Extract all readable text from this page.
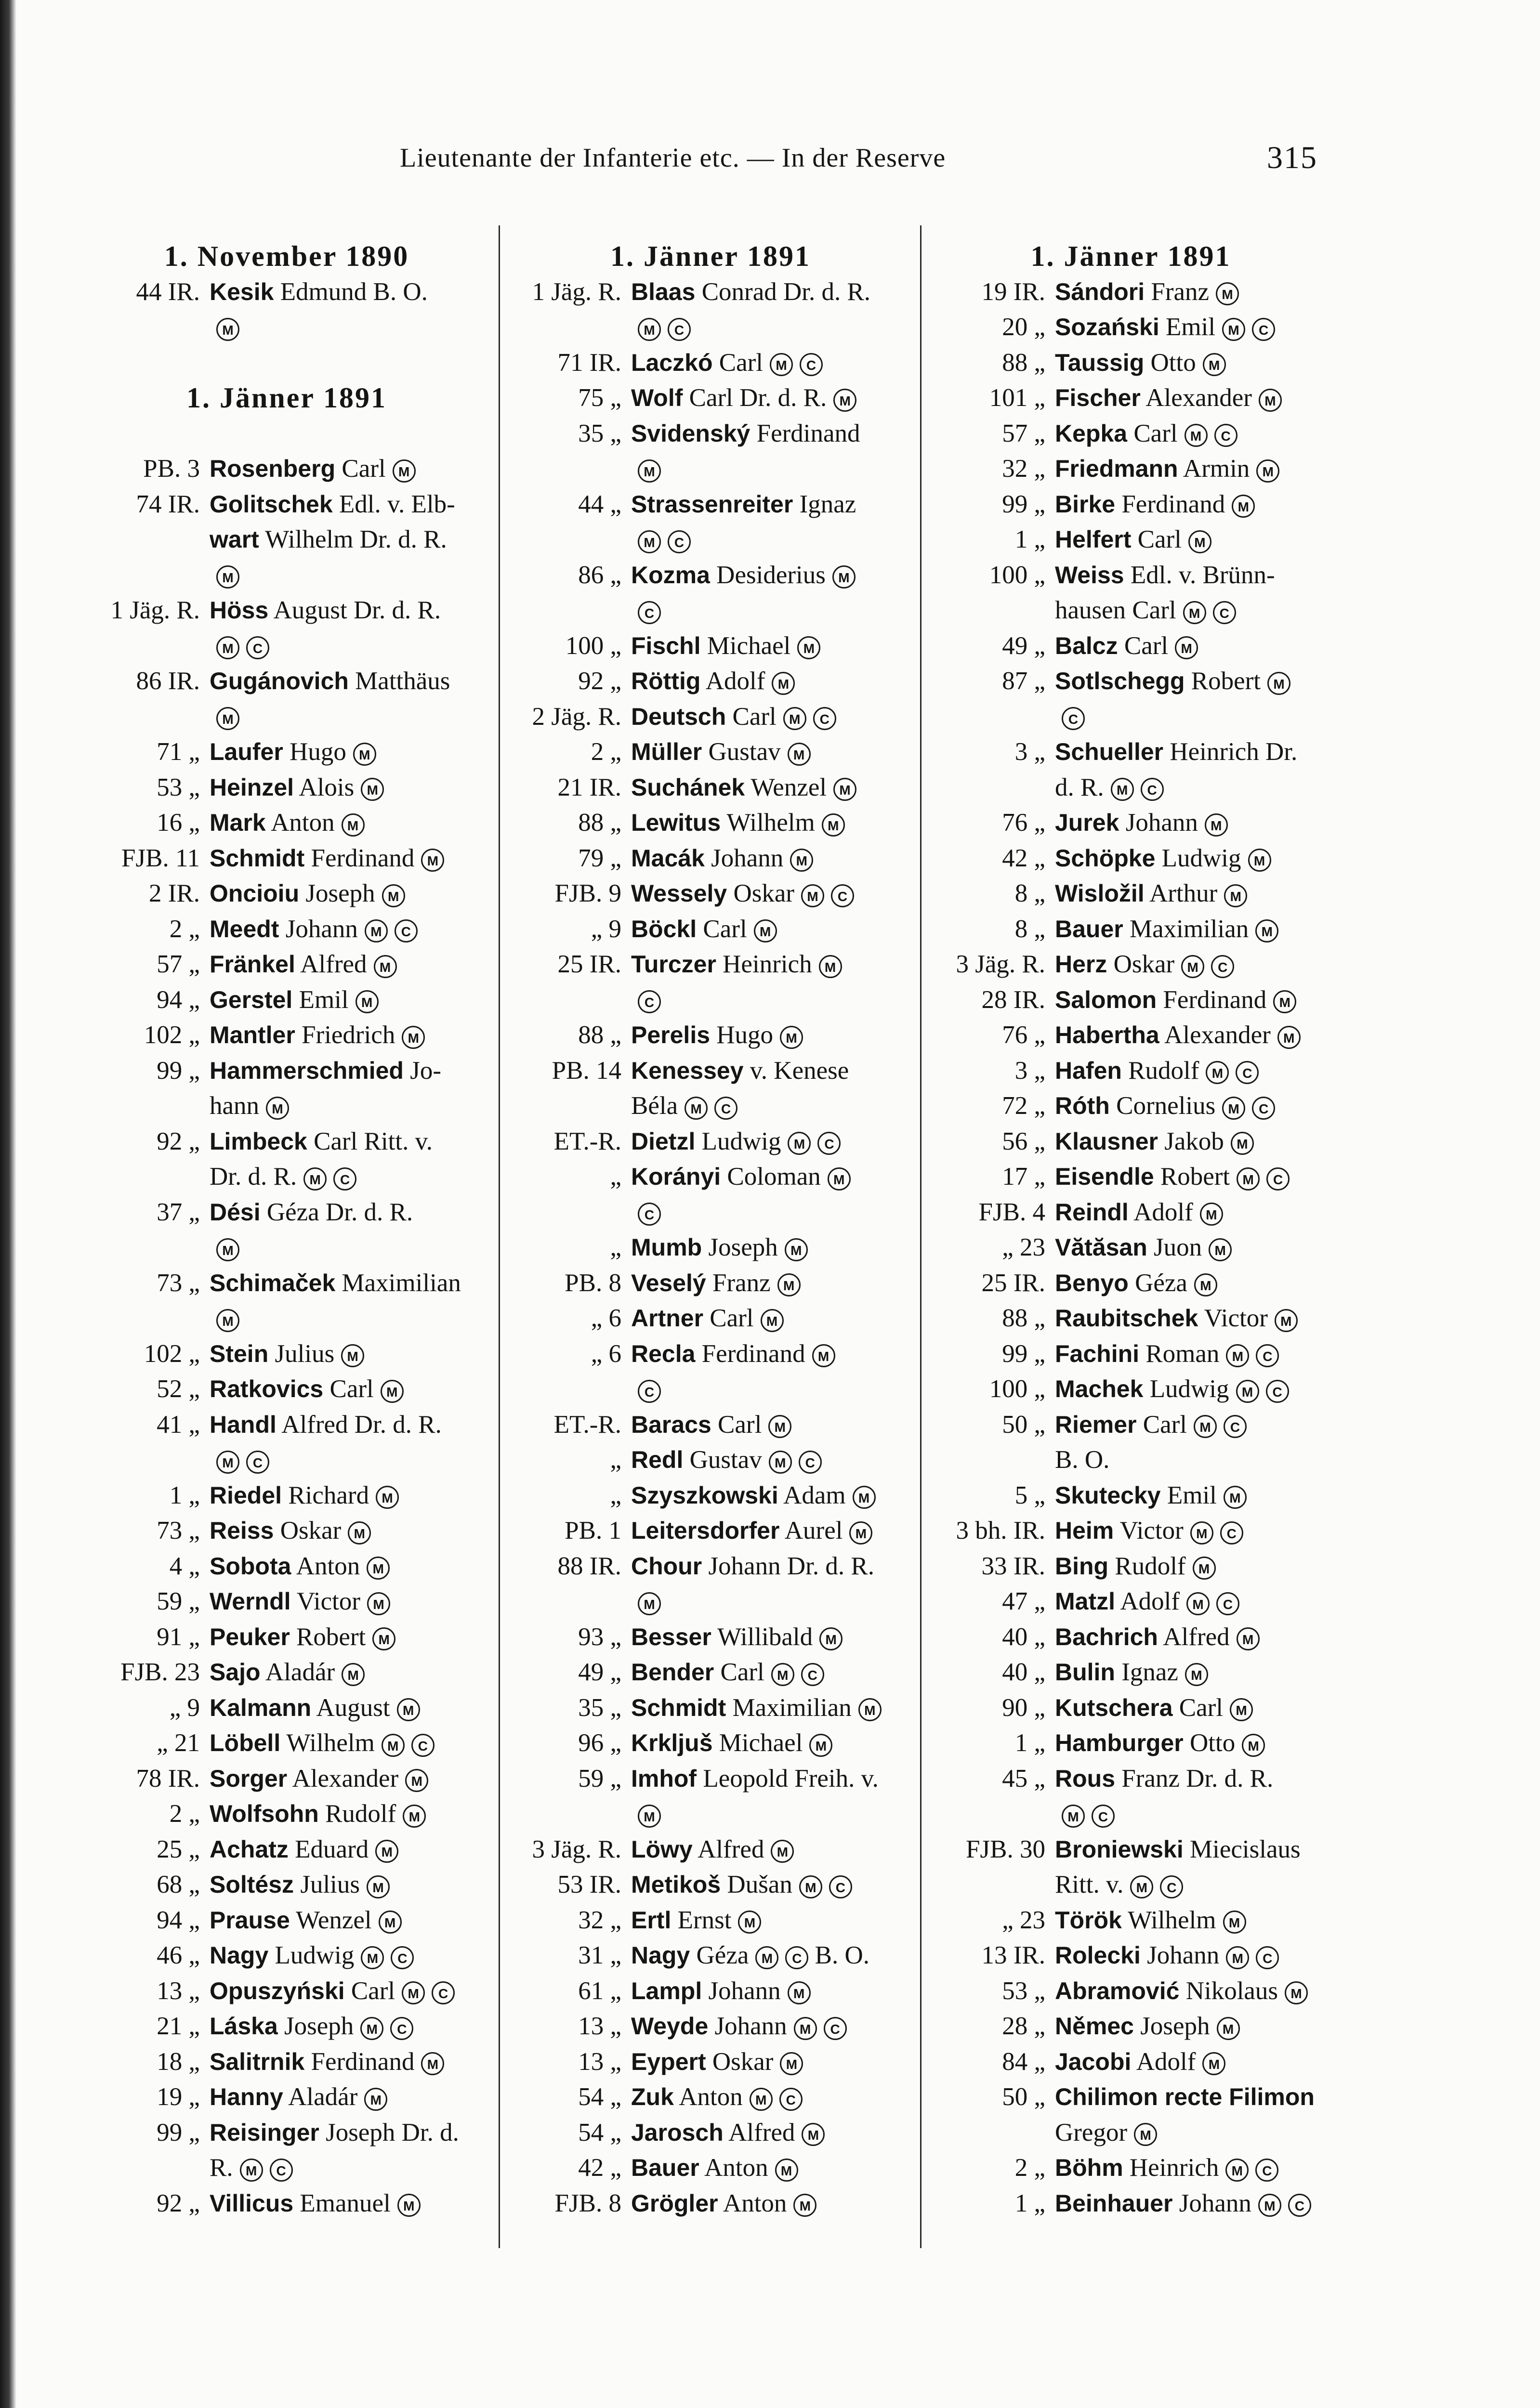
Lieutenante der Infanterie etc. — In der Reserve	315
1. November 1890
44 IR. Kesik Edmund B. O.
M
1. Jänner 1891
PB. 3 Rosenberg Carl M
74 IR. Golitschek Edl. v. Elb-
wart Wilhelm Dr. d. R.
M
1 Jäg. R. Höss August Dr. d. R.
M C
86 IR. Gugánovich Matthäus
M
71 „ Laufer Hugo M
53 „ Heinzel Alois M
16 „ Mark Anton M
FJB. 11 Schmidt Ferdinand M
2 IR. Oncioiu Joseph M
2 „ Meedt Johann M C
57 „ Fränkel Alfred M
94 „ Gerstel Emil M
102 „ Mantler Friedrich M
99 „ Hammerschmied Jo-
hann M
92 „ Limbeck Carl Ritt. v.
Dr. d. R. M C
37 „ Dési Géza Dr. d. R.
M
73 „ Schimaček Maximilian
M
102 „ Stein Julius M
52 „ Ratkovics Carl M
41 „ Handl Alfred Dr. d. R.
M C
1 „ Riedel Richard M
73 „ Reiss Oskar M
4 „ Sobota Anton M
59 „ Werndl Victor M
91 „ Peuker Robert M
FJB. 23 Sajo Aladár M
„ 9 Kalmann August M
„ 21 Löbell Wilhelm M C
78 IR. Sorger Alexander M
2 „ Wolfsohn Rudolf M
25 „ Achatz Eduard M
68 „ Soltész Julius M
94 „ Prause Wenzel M
46 „ Nagy Ludwig M C
13 „ Opuszyński Carl M C
21 „ Láska Joseph M C
18 „ Salitrnik Ferdinand M
19 „ Hanny Aladár M
99 „ Reisinger Joseph Dr. d.
R. M C
92 „ Villicus Emanuel M
1. Jänner 1891
1 Jäg. R. Blaas Conrad Dr. d. R.
M C
71 IR. Laczkó Carl M C
75 „ Wolf Carl Dr. d. R. M
35 „ Svidenský Ferdinand
M
44 „ Strassenreiter Ignaz
M C
86 „ Kozma Desiderius M
C
100 „ Fischl Michael M
92 „ Röttig Adolf M
2 Jäg. R. Deutsch Carl M C
2 „ Müller Gustav M
21 IR. Suchánek Wenzel M
88 „ Lewitus Wilhelm M
79 „ Macák Johann M
FJB. 9 Wessely Oskar M C
„ 9 Böckl Carl M
25 IR. Turczer Heinrich M
C
88 „ Perelis Hugo M
PB. 14 Kenessey v. Kenese
Béla M C
ET.-R. Dietzl Ludwig M C
„ Korányi Coloman M
C
„ Mumb Joseph M
PB. 8 Veselý Franz M
„ 6 Artner Carl M
„ 6 Recla Ferdinand M
C
ET.-R. Baracs Carl M
„ Redl Gustav M C
„ Szyszkowski Adam M
PB. 1 Leitersdorfer Aurel M
88 IR. Chour Johann Dr. d. R.
M
93 „ Besser Willibald M
49 „ Bender Carl M C
35 „ Schmidt Maximilian M
96 „ Krkljuš Michael M
59 „ Imhof Leopold Freih. v.
M
3 Jäg. R. Löwy Alfred M
53 IR. Metikoš Dušan M C
32 „ Ertl Ernst M
31 „ Nagy Géza M C B. O.
61 „ Lampl Johann M
13 „ Weyde Johann M C
13 „ Eypert Oskar M
54 „ Zuk Anton M C
54 „ Jarosch Alfred M
42 „ Bauer Anton M
FJB. 8 Grögler Anton M
1. Jänner 1891
19 IR. Sándori Franz M
20 „ Sozański Emil M C
88 „ Taussig Otto M
101 „ Fischer Alexander M
57 „ Kepka Carl M C
32 „ Friedmann Armin M
99 „ Birke Ferdinand M
1 „ Helfert Carl M
100 „ Weiss Edl. v. Brünn-
hausen Carl M C
49 „ Balcz Carl M
87 „ Sotlschegg Robert M
C
3 „ Schueller Heinrich Dr.
d. R. M C
76 „ Jurek Johann M
42 „ Schöpke Ludwig M
8 „ Wisložil Arthur M
8 „ Bauer Maximilian M
3 Jäg. R. Herz Oskar M C
28 IR. Salomon Ferdinand M
76 „ Habertha Alexander M
3 „ Hafen Rudolf M C
72 „ Róth Cornelius M C
56 „ Klausner Jakob M
17 „ Eisendle Robert M C
FJB. 4 Reindl Adolf M
„ 23 Vătăsan Juon M
25 IR. Benyo Géza M
88 „ Raubitschek Victor M
99 „ Fachini Roman M C
100 „ Machek Ludwig M C
50 „ Riemer Carl M C
B. O.
5 „ Skutecky Emil M
3 bh. IR. Heim Victor M C
33 IR. Bing Rudolf M
47 „ Matzl Adolf M C
40 „ Bachrich Alfred M
40 „ Bulin Ignaz M
90 „ Kutschera Carl M
1 „ Hamburger Otto M
45 „ Rous Franz Dr. d. R.
M C
FJB. 30 Broniewski Miecislaus
Ritt. v. M C
„ 23 Török Wilhelm M
13 IR. Rolecki Johann M C
53 „ Abramović Nikolaus M
28 „ Němec Joseph M
84 „ Jacobi Adolf M
50 „ Chilimon recte Filimon
Gregor M
2 „ Böhm Heinrich M C
1 „ Beinhauer Johann M C
